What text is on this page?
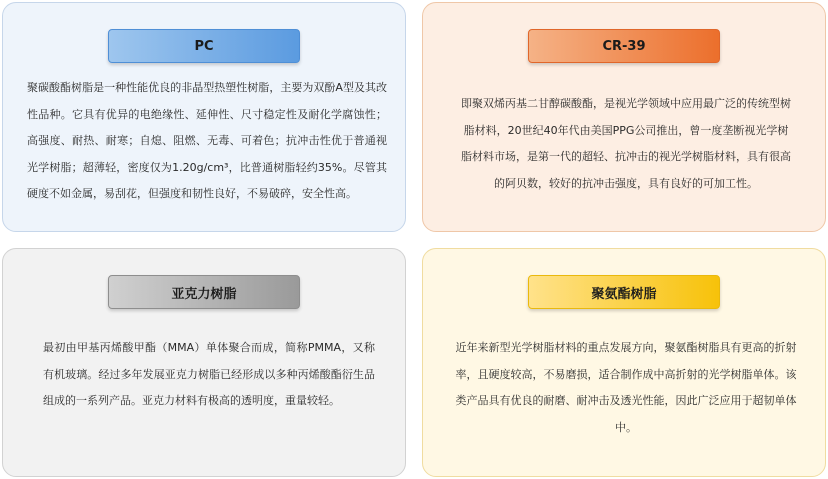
PC

聚碳酸酯树脂是一种性能优良的非晶型热塑性树脂，主要为双酚A型及其改性品种。它具有优异的电绝缘性、延伸性、尺寸稳定性及耐化学腐蚀性；高强度、耐热、耐寒；自熄、阻燃、无毒、可着色；抗冲击性优于普通视光学树脂；超薄轻，密度仅为1.20g/cm³，比普通树脂轻约35%。尽管其硬度不如金属，易刮花，但强度和韧性良好，不易破碎，安全性高。

CR-39

即聚双烯丙基二甘醇碳酸酯，是视光学领域中应用最广泛的传统型树脂材料，20世纪40年代由美国PPG公司推出，曾一度垄断视光学树脂材料市场，是第一代的超轻、抗冲击的视光学树脂材料，具有很高的阿贝数，较好的抗冲击强度，具有良好的可加工性。

亚克力树脂

最初由甲基丙烯酸甲酯（MMA）单体聚合而成，简称PMMA，又称有机玻璃。经过多年发展亚克力树脂已经形成以多种丙烯酸酯衍生品组成的一系列产品。亚克力材料有极高的透明度，重量较轻。

聚氨酯树脂

近年来新型光学树脂材料的重点发展方向，聚氨酯树脂具有更高的折射率，且硬度较高，不易磨损，适合制作成中高折射的光学树脂单体。该类产品具有优良的耐磨、耐冲击及透光性能，因此广泛应用于超韧单体中。
